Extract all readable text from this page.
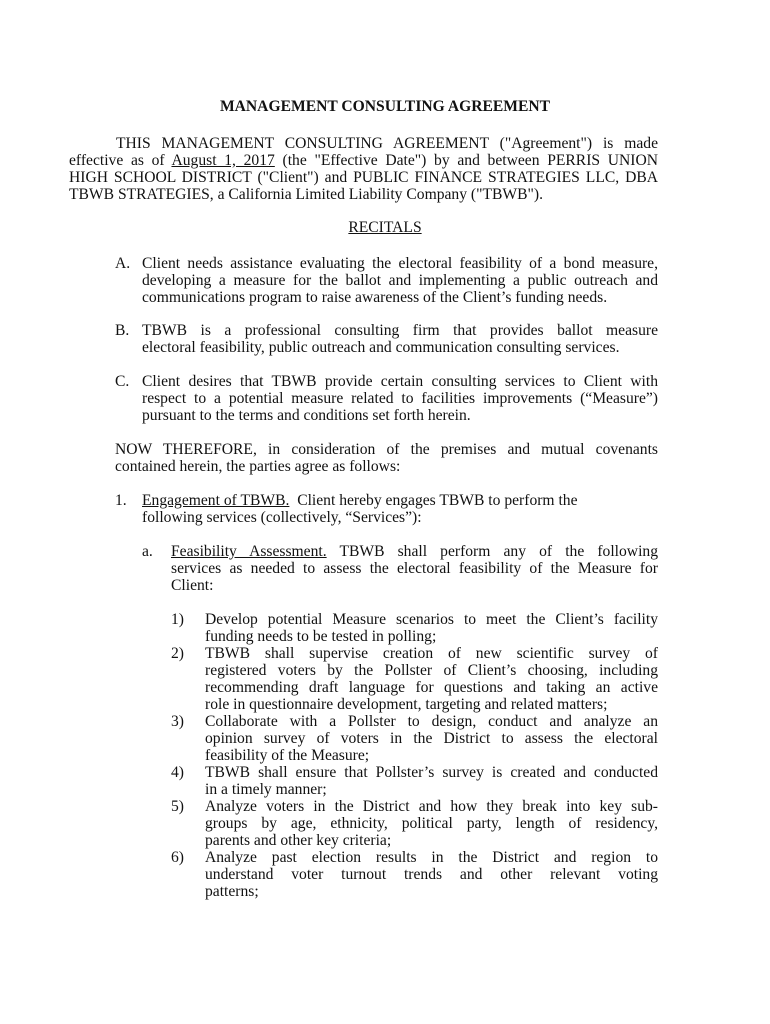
MANAGEMENT CONSULTING AGREEMENT
THIS MANAGEMENT CONSULTING AGREEMENT ("Agreement") is made
effective as of August 1, 2017 (the "Effective Date") by and between PERRIS UNION
HIGH SCHOOL DISTRICT ("Client") and PUBLIC FINANCE STRATEGIES LLC, DBA
TBWB STRATEGIES, a California Limited Liability Company ("TBWB").
RECITALS
A. Client needs assistance evaluating the electoral feasibility of a bond measure,
developing a measure for the ballot and implementing a public outreach and
communications program to raise awareness of the Client’s funding needs.
B. TBWB is a professional consulting firm that provides ballot measure
electoral feasibility, public outreach and communication consulting services.
C. Client desires that TBWB provide certain consulting services to Client with
respect to a potential measure related to facilities improvements (“Measure”)
pursuant to the terms and conditions set forth herein.
NOW THEREFORE, in consideration of the premises and mutual covenants
contained herein, the parties agree as follows:
1. Engagement of TBWB.  Client hereby engages TBWB to perform the
following services (collectively, “Services”):
a. Feasibility Assessment. TBWB shall perform any of the following
services as needed to assess the electoral feasibility of the Measure for
Client:
1) Develop potential Measure scenarios to meet the Client’s facility
funding needs to be tested in polling;
2) TBWB shall supervise creation of new scientific survey of
registered voters by the Pollster of Client’s choosing, including
recommending draft language for questions and taking an active
role in questionnaire development, targeting and related matters;
3) Collaborate with a Pollster to design, conduct and analyze an
opinion survey of voters in the District to assess the electoral
feasibility of the Measure;
4) TBWB shall ensure that Pollster’s survey is created and conducted
in a timely manner;
5) Analyze voters in the District and how they break into key sub-
groups by age, ethnicity, political party, length of residency,
parents and other key criteria;
6) Analyze past election results in the District and region to
understand voter turnout trends and other relevant voting
patterns;
